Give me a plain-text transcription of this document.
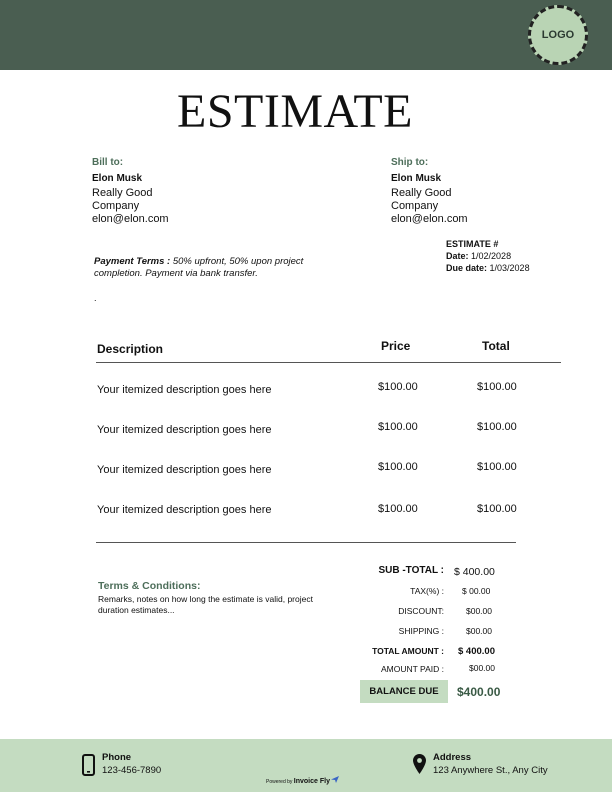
LOGO
ESTIMATE
Bill to:
Elon Musk
Really Good
Company
elon@elon.com
Ship to:
Elon Musk
Really Good
Company
elon@elon.com
ESTIMATE #
Date: 1/02/2028
Due date: 1/03/2028
Payment Terms : 50% upfront, 50% upon project completion. Payment via bank transfer.
.
Description	Price	Total
Your itemized description goes here	$100.00	$100.00
Your itemized description goes here	$100.00	$100.00
Your itemized description goes here	$100.00	$100.00
Your itemized description goes here	$100.00	$100.00
Terms & Conditions:
Remarks, notes on how long the estimate is valid, project duration estimates...
SUB -TOTAL : $ 400.00
TAX(%) : $ 00.00
DISCOUNT:	$00.00
SHIPPING :	$00.00
TOTAL AMOUNT : $ 400.00
AMOUNT PAID :	$00.00
BALANCE DUE $400.00
Phone
123-456-7890
Address
123 Anywhere St., Any City
Powered by Invoice Fly
